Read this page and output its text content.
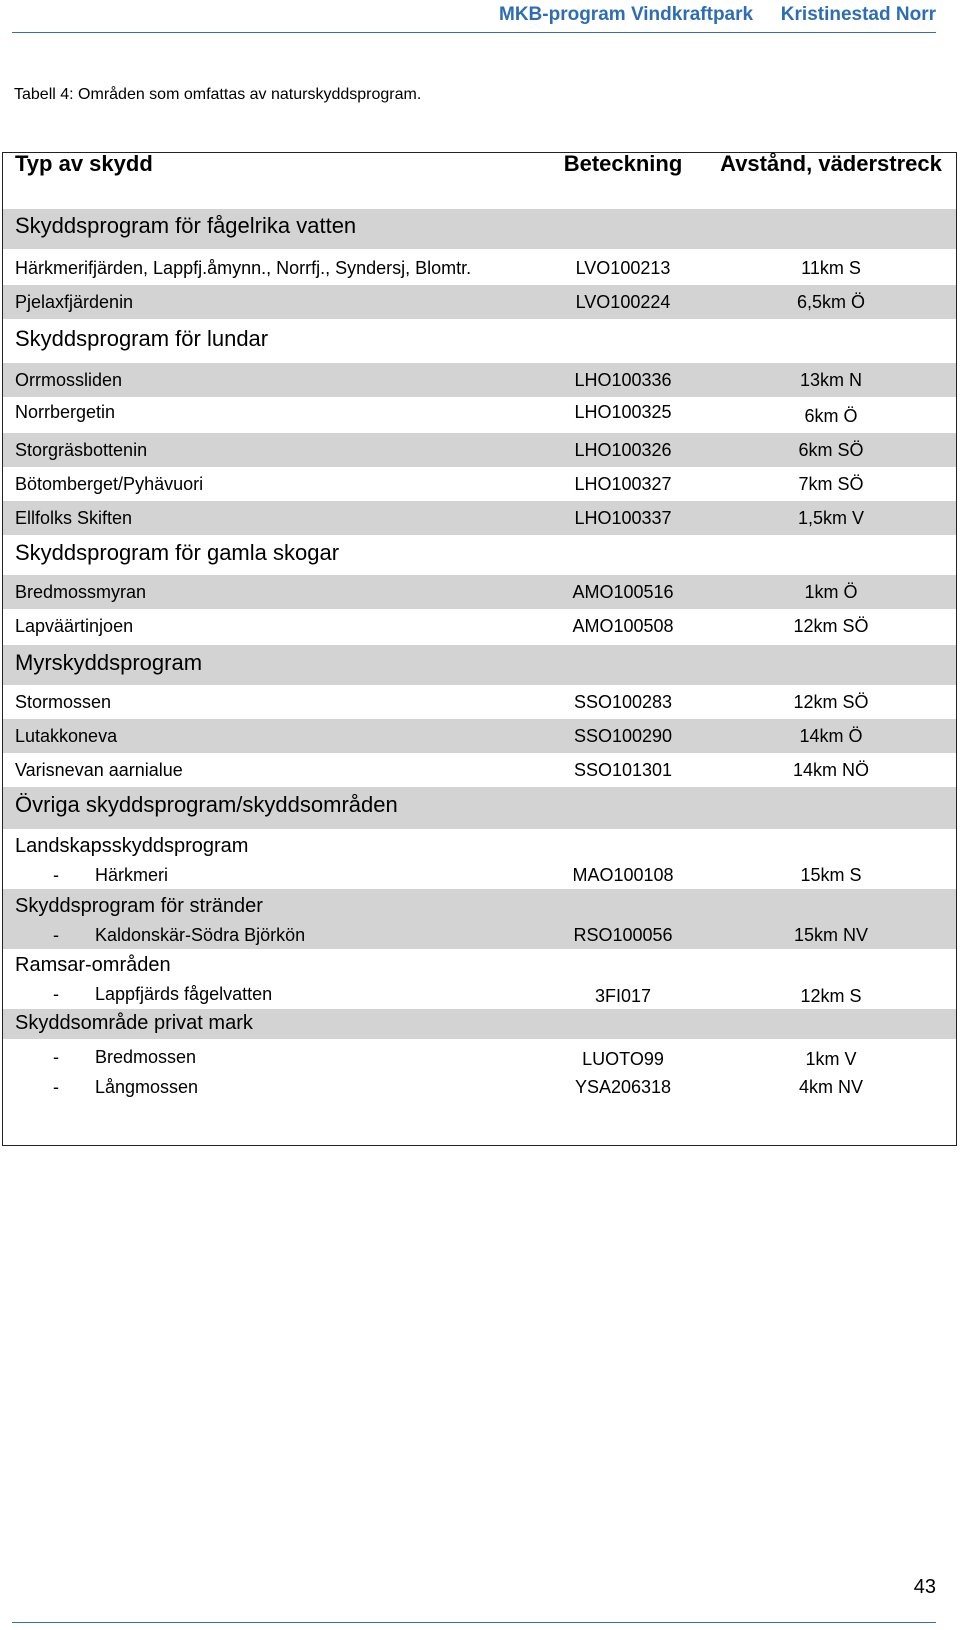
MKB-program Vindkraftpark Kristinestad Norr
Tabell 4: Områden som omfattas av naturskyddsprogram.
Typ av skydd	Beteckning	Avstånd, väderstreck
Skyddsprogram för fågelrika vatten
Härkmerifjärden, Lappfj.åmynn., Norrfj., Syndersj, Blomtr.	LVO100213	11km S
Pjelaxfjärdenin	LVO100224	6,5km Ö
Skyddsprogram för lundar
Orrmossliden	LHO100336	13km N
Norrbergetin	LHO100325	6km Ö
Storgräsbottenin	LHO100326	6km SÖ
Bötomberget/Pyhävuori	LHO100327	7km SÖ
Ellfolks Skiften	LHO100337	1,5km V
Skyddsprogram för gamla skogar
Bredmossmyran	AMO100516	1km Ö
Lapväärtinjoen	AMO100508	12km SÖ
Myrskyddsprogram
Stormossen	SSO100283	12km SÖ
Lutakkoneva	SSO100290	14km Ö
Varisnevan aarnialue	SSO101301	14km NÖ
Övriga skyddsprogram/skyddsområden
Landskapsskyddsprogram
- Härkmeri	MAO100108	15km S
Skyddsprogram för stränder
- Kaldonskär-Södra Björkön	RSO100056	15km NV
Ramsar-områden
- Lappfjärds fågelvatten	3FI017	12km S
Skyddsområde privat mark
- Bredmossen	LUOTO99	1km V
- Långmossen	YSA206318	4km NV
43
